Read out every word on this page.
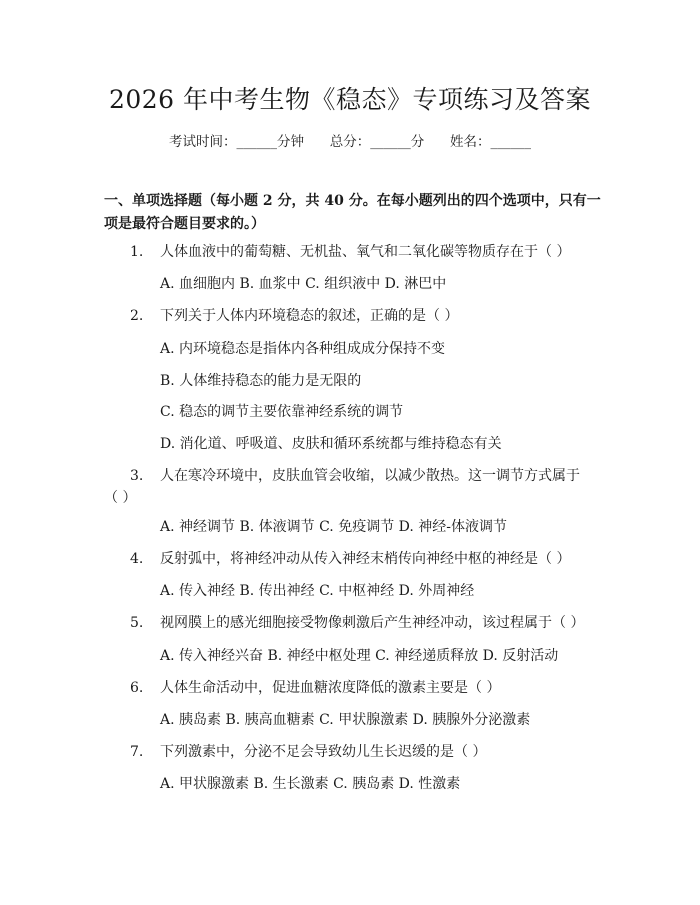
2026 年中考生物《稳态》专项练习及答案
考试时间：______分钟      总分：______分      姓名：______
一、单项选择题（每小题 2 分，共 40 分。在每小题列出的四个选项中，只有一项是最符合题目要求的。）
1. 人体血液中的葡萄糖、无机盐、氧气和二氧化碳等物质存在于（ ）
A. 血细胞内 B. 血浆中 C. 组织液中 D. 淋巴中
2. 下列关于人体内环境稳态的叙述，正确的是（ ）
A. 内环境稳态是指体内各种组成成分保持不变
B. 人体维持稳态的能力是无限的
C. 稳态的调节主要依靠神经系统的调节
D. 消化道、呼吸道、皮肤和循环系统都与维持稳态有关
3. 人在寒冷环境中，皮肤血管会收缩，以减少散热。这一调节方式属于
（ ）
A. 神经调节 B. 体液调节 C. 免疫调节 D. 神经-体液调节
4. 反射弧中，将神经冲动从传入神经末梢传向神经中枢的神经是（ ）
A. 传入神经 B. 传出神经 C. 中枢神经 D. 外周神经
5. 视网膜上的感光细胞接受物像刺激后产生神经冲动，该过程属于（ ）
A. 传入神经兴奋 B. 神经中枢处理 C. 神经递质释放 D. 反射活动
6. 人体生命活动中，促进血糖浓度降低的激素主要是（ ）
A. 胰岛素 B. 胰高血糖素 C. 甲状腺激素 D. 胰腺外分泌激素
7. 下列激素中，分泌不足会导致幼儿生长迟缓的是（ ）
A. 甲状腺激素 B. 生长激素 C. 胰岛素 D. 性激素
